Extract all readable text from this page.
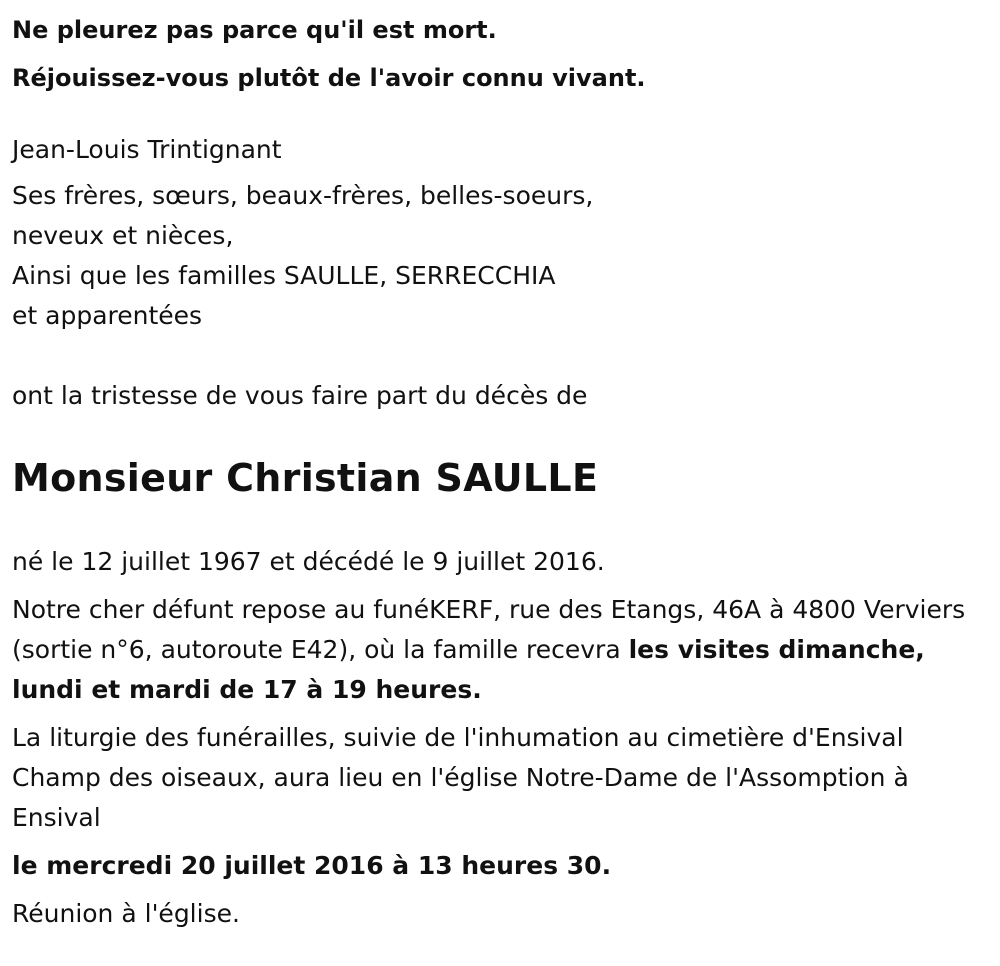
Ne pleurez pas parce qu'il est mort.

Réjouissez-vous plutôt de l'avoir connu vivant.

Jean-Louis Trintignant

Ses frères, sœurs, beaux-frères, belles-soeurs,

neveux et nièces,

Ainsi que les familles SAULLE, SERRECCHIA

et apparentées

ont la tristesse de vous faire part du décès de

Monsieur Christian SAULLE

né le 12 juillet 1967 et décédé le 9 juillet 2016.

Notre cher défunt repose au funéKERF, rue des Etangs, 46A à 4800 Verviers (sortie n°6, autoroute E42), où la famille recevra les visites dimanche, lundi et mardi de 17 à 19 heures.

La liturgie des funérailles, suivie de l'inhumation au cimetière d'Ensival Champ des oiseaux, aura lieu en l'église Notre-Dame de l'Assomption à Ensival

le mercredi 20 juillet 2016 à 13 heures 30.

Réunion à l'église.
